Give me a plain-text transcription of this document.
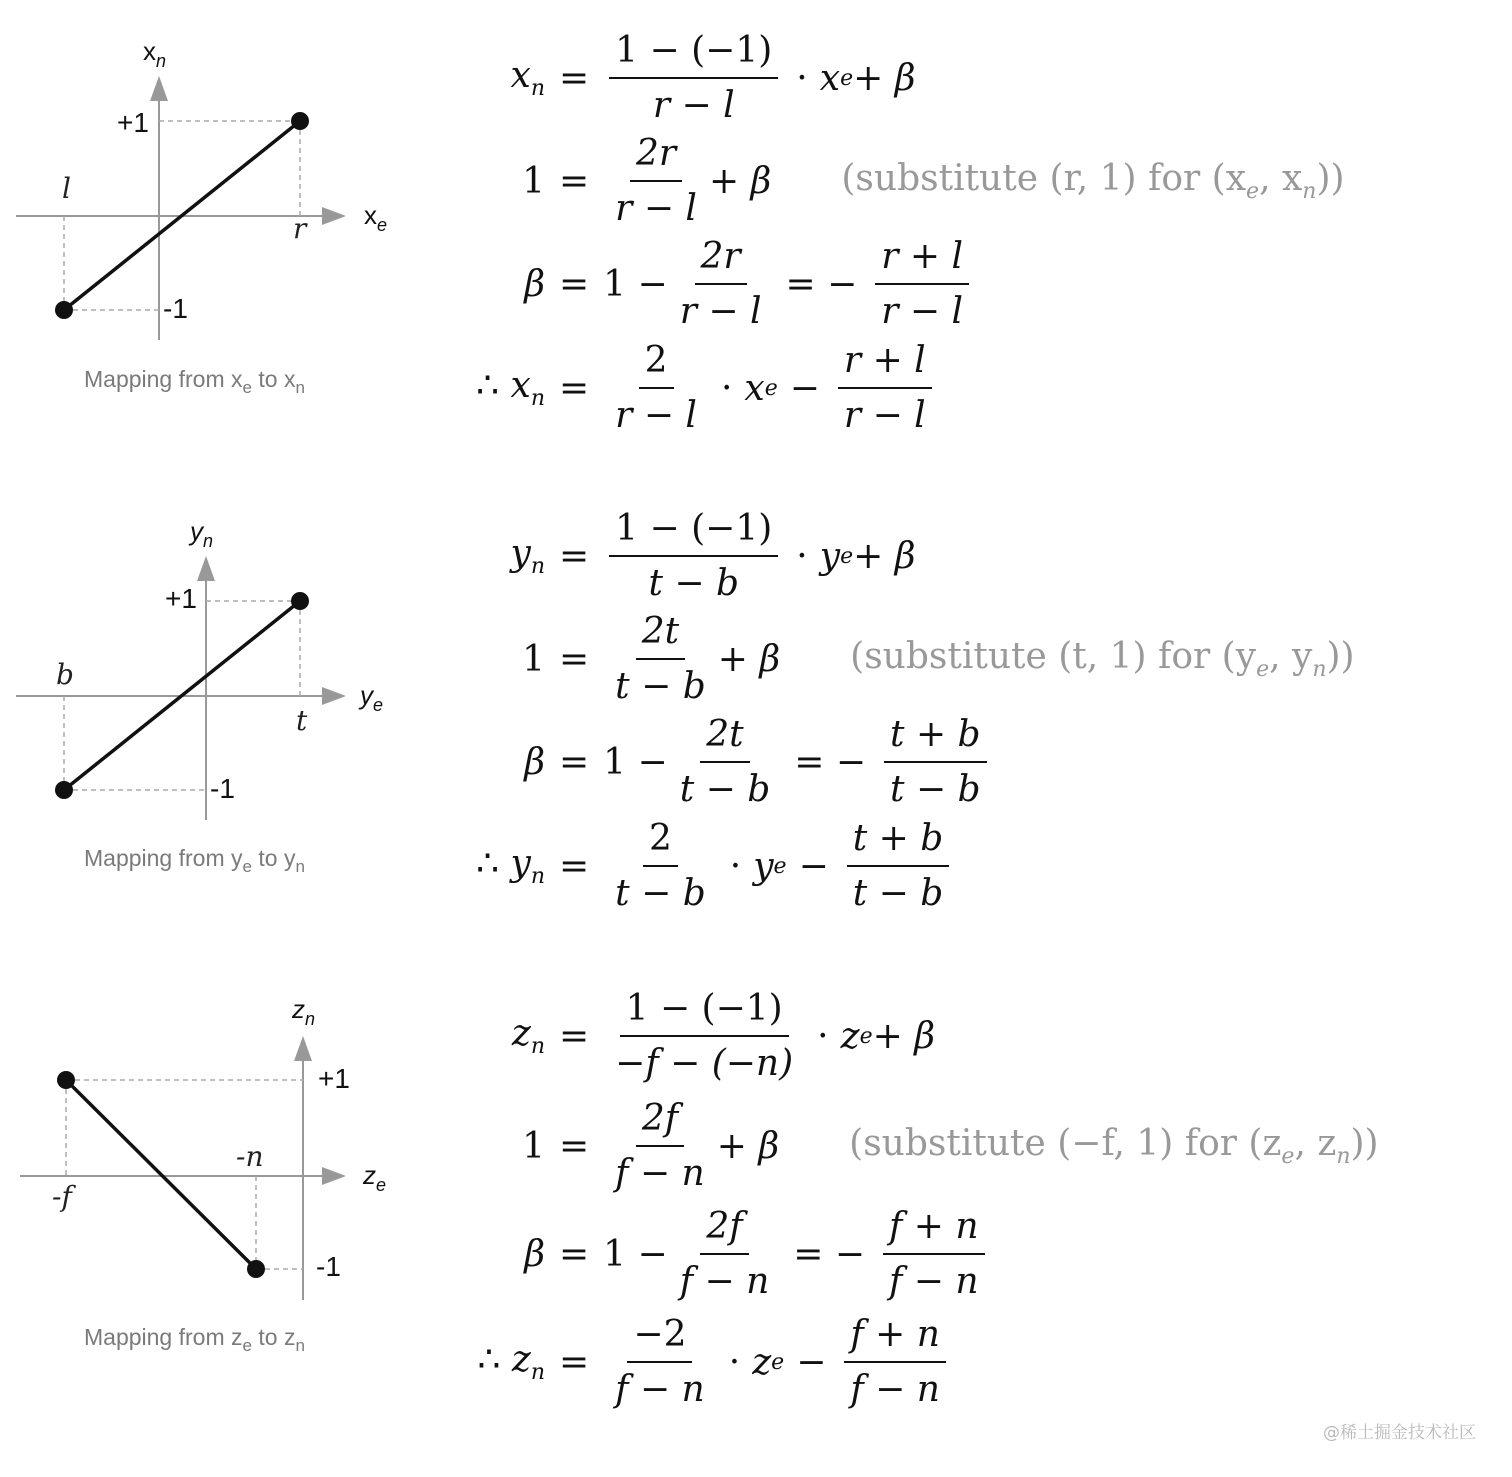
$x_n$
$x_e$
+1
-1
l
r
Mapping from $x_e$ to $x_n$
$x_n = \frac{1 - (-1)}{r - l} \cdot x$ e + β
$1 = \frac{2r}{r - l} + \beta$ (substitute (r, 1) for ($x_e$, $x_n$))
$\beta = 1 - \frac{2r}{r - l}$ = − $\frac{r + l}{r - l}$
∴ $x_n = \frac{2}{r - l} \cdot x$ $e - \frac{r + l}{r - l}$
$y_n$
$y_e$
+1
-1
b
t
Mapping from $y_e$ to $y_n$
$y_n = \frac{1 - (-1)}{t - b} \cdot y$ e + β
$1 = \frac{2t}{t - b} + \beta$ (substitute (t, 1) for ($y_e$, $y_n$))
$\beta = 1 - \frac{2t}{t - b}$ = − $\frac{t + b}{t - b}$
∴ $y_n = \frac{2}{t - b} \cdot y$ $e - \frac{t + b}{t - b}$
$z_n$
$z_e$
+1
-1
-f
-n
Mapping from $z_e$ to $z_n$
$z_n = \frac{1 - (-1)}{-f - (-n)} \cdot z$ e + β
$1 = \frac{2f}{f - n} + \beta$ (substitute (−f, 1) for ($z_e$, $z_n$))
$\beta = 1 - \frac{2f}{f - n}$ = − $\frac{f + n}{f - n}$
∴ $z_n = \frac{-2}{f - n} \cdot z$ $e - \frac{f + n}{f - n}$
@稀土掘金技术社区
